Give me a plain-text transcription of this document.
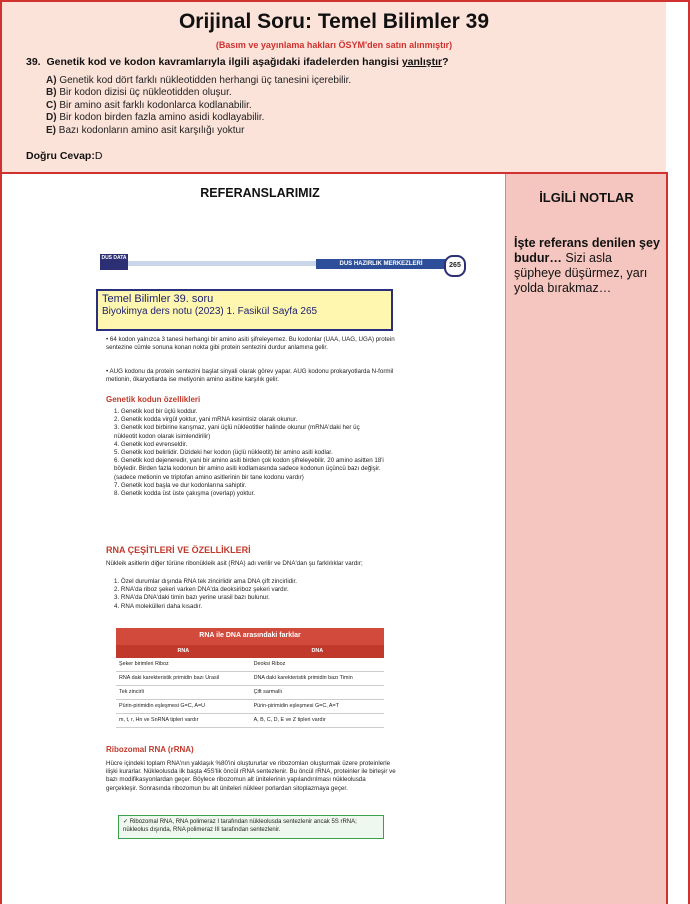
Orijinal Soru: Temel Bilimler 39
(Basım ve yayınlama hakları ÖSYM'den satın alınmıştır)
39. Genetik kod ve kodon kavramlarıyla ilgili aşağıdaki ifadelerden hangisi yanlıştır?
A) Genetik kod dört farklı nükleotidden herhangi üç tanesini içerebilir.
B) Bir kodon dizisi üç nükleotidden oluşur.
C) Bir amino asit farklı kodonlarca kodlanabilir.
D) Bir kodon birden fazla amino asidi kodlayabilir.
E) Bazı kodonların amino asit karşılığı yoktur
Doğru Cevap:D
REFERANSLARIMIZ
DUS DATA
DUS HAZIRLIK MERKEZLERİ	265
• 64 kodon yalnızca 3 tanesi herhangi bir amino asiti şifreleyemez. Bu kodonlar (UAA, UAG, UGA) protein sentezine cümle sonuna konan nokta gibi protein sentezini durdur anlamına gelir.
• AUG kodonu da protein sentezini başlat sinyali olarak görev yapar. AUG kodonu prokaryotlarda N-formil metionin, ökaryotlarda ise metiyonin amino asitine karşılık gelir.
Genetik kodun özellikleri
1. Genetik kod bir üçlü koddur.
2. Genetik kodda virgül yoktur, yani mRNA kesintisiz olarak okunur.
3. Genetik kod birbirine karışmaz, yani üçlü nükleotitler halinde okunur (mRNA'daki her üç nükleotit kodon olarak isimlendirilir)
4. Genetik kod evrenseldir.
5. Genetik kod belirlidir. Dizideki her kodon (üçlü nükleotit) bir amino asiti kodlar.
6. Genetik kod dejeneredir, yani bir amino asiti birden çok kodon şifreleyebilir. 20 amino asitten 18'i böyledir. Birden fazla kodonun bir amino asiti kodlamasında sadece kodonun üçüncü bazı değişir. (sadece metionin ve triptofan amino asitlerinin bir tane kodonu vardır)
7. Genetik kod başla ve dur kodonlarına sahiptir.
8. Genetik kodda üst üste çakışma (overlap) yoktur.
RNA ÇEŞİTLERİ VE ÖZELLİKLERİ
Nükleik asitlerin diğer türüne ribonükleik asit (RNA) adı verilir ve DNA'dan şu farklılıklar vardır;
1. Özel durumlar dışında RNA tek zincirlidir ama DNA çift zincirlidir.
2. RNA'da riboz şekeri varken DNA'da deoksiriboz şekeri vardır.
3. RNA'da DNA'daki timin bazı yerine urasil bazı bulunur.
4. RNA molekülleri daha kısadır.
RNA ile DNA arasındaki farklar	
RNA	DNA
Şeker birimleri Riboz	Deoksi Riboz
RNA daki karekteristik primidin bazı Urasil	DNA daki karekteristik primidin bazı Timin
Tek zincirli	Çift sarmallı
Pürin-pirimidin eşleşmesi G=C, A=U	Pürin-pirimidin eşleşmesi G=C, A=T
m, t, r, Hn ve SnRNA tipleri vardır	A, B, C, D, E ve Z tipleri vardır
Ribozomal RNA (rRNA)
Hücre içindeki toplam RNA'nın yaklaşık %80'ini oluştururlar ve ribozomları oluşturmak üzere proteinlerle ilişki kurarlar. Nükleolusda ilk başta 45S'lik öncül rRNA sentezlenir. Bu öncül rRNA, proteinler ile birleşir ve bazı modifikasyonlardan geçer. Böylece ribozomun alt ünitelerinin yapılandırılması nükleolusda gerçekleşir. Sonrasında ribozomun bu alt üniteleri nükleer porlardan sitoplazmaya geçer.
✓ Ribozomal RNA, RNA polimeraz I tarafından nükleolusda sentezlenir ancak 5S rRNA; nükleolus dışında, RNA polimeraz III tarafından sentezlenir.
Temel Bilimler 39. soru
Biyokimya ders notu (2023) 1. Fasikül Sayfa 265
İLGİLİ NOTLAR
İşte referans denilen şey budur… Sizi asla şüpheye düşürmez, yarı yolda bırakmaz…
